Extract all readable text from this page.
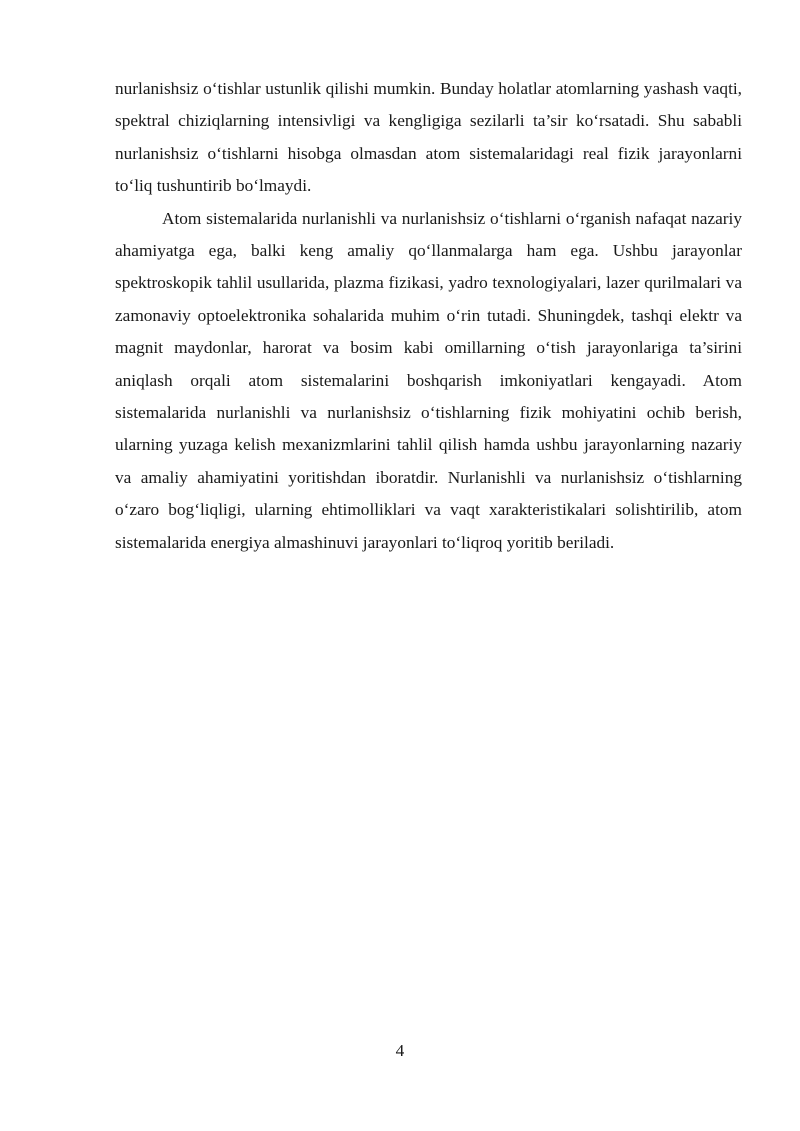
nurlanishsiz o‘tishlar ustunlik qilishi mumkin. Bunday holatlar atomlarning yashash vaqti, spektral chiziqlarning intensivligi va kengligiga sezilarli ta’sir ko‘rsatadi. Shu sababli nurlanishsiz o‘tishlarni hisobga olmasdan atom sistemalaridagi real fizik jarayonlarni to‘liq tushuntirib bo‘lmaydi.

Atom sistemalarida nurlanishli va nurlanishsiz o‘tishlarni o‘rganish nafaqat nazariy ahamiyatga ega, balki keng amaliy qo‘llanmalarga ham ega. Ushbu jarayonlar spektroskopik tahlil usullarida, plazma fizikasi, yadro texnologiyalari, lazer qurilmalari va zamonaviy optoelektronika sohalarida muhim o‘rin tutadi. Shuningdek, tashqi elektr va magnit maydonlar, harorat va bosim kabi omillarning o‘tish jarayonlariga ta’sirini aniqlash orqali atom sistemalarini boshqarish imkoniyatlari kengayadi. Atom sistemalarida nurlanishli va nurlanishsiz o‘tishlarning fizik mohiyatini ochib berish, ularning yuzaga kelish mexanizmlarini tahlil qilish hamda ushbu jarayonlarning nazariy va amaliy ahamiyatini yoritishdan iboratdir. Nurlanishli va nurlanishsiz o‘tishlarning o‘zaro bog‘liqligi, ularning ehtimolliklari va vaqt xarakteristikalari solishtirilib, atom sistemalarida energiya almashinuvi jarayonlari to‘liqroq yoritib beriladi.

4
